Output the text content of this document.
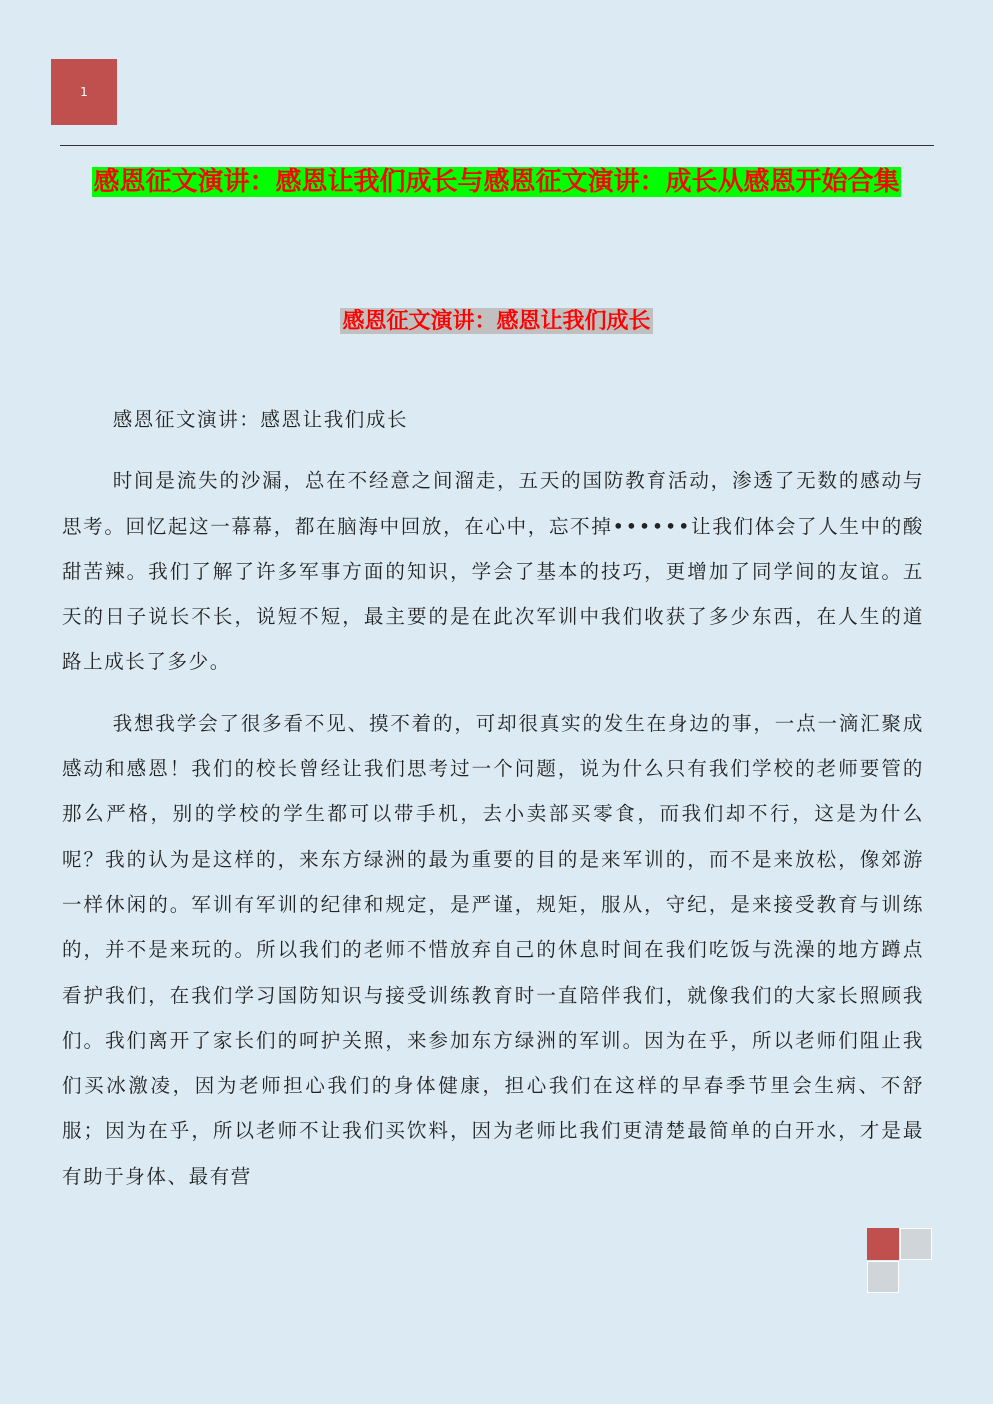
1
感恩征文演讲：感恩让我们成长与感恩征文演讲：成长从感恩开始合集
感恩征文演讲：感恩让我们成长

感恩征文演讲：感恩让我们成长

时间是流失的沙漏，总在不经意之间溜走，五天的国防教育活动，渗透了无数的感动与思考。回忆起这一幕幕，都在脑海中回放，在心中，忘不掉••••••让我们体会了人生中的酸甜苦辣。我们了解了许多军事方面的知识，学会了基本的技巧，更增加了同学间的友谊。五天的日子说长不长，说短不短，最主要的是在此次军训中我们收获了多少东西，在人生的道路上成长了多少。

我想我学会了很多看不见、摸不着的，可却很真实的发生在身边的事，一点一滴汇聚成感动和感恩！我们的校长曾经让我们思考过一个问题，说为什么只有我们学校的老师要管的那么严格，别的学校的学生都可以带手机，去小卖部买零食，而我们却不行，这是为什么呢？我的认为是这样的，来东方绿洲的最为重要的目的是来军训的，而不是来放松，像郊游一样休闲的。军训有军训的纪律和规定，是严谨，规矩，服从，守纪，是来接受教育与训练的，并不是来玩的。所以我们的老师不惜放弃自己的休息时间在我们吃饭与洗澡的地方蹲点看护我们，在我们学习国防知识与接受训练教育时一直陪伴我们，就像我们的大家长照顾我们。我们离开了家长们的呵护关照，来参加东方绿洲的军训。因为在乎，所以老师们阻止我们买冰激凌，因为老师担心我们的身体健康，担心我们在这样的早春季节里会生病、不舒服；因为在乎，所以老师不让我们买饮料，因为老师比我们更清楚最简单的白开水，才是最有助于身体、最有营
